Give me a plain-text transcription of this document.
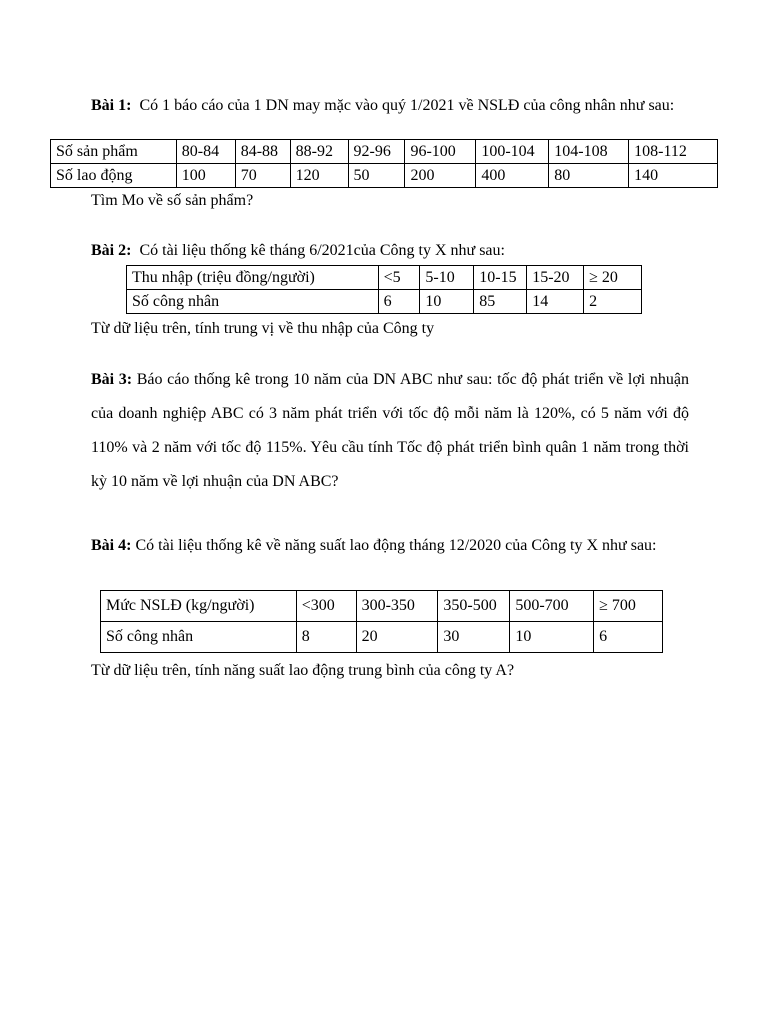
Bài 1: Có 1 báo cáo của 1 DN may mặc vào quý 1/2021 về NSLĐ của công nhân như sau:

Số sản phẩm	80-84	84-88	88-92	92-96	96-100	100-104	104-108	108-112
Số lao động	100	70	120	50	200	400	80	140

Tìm Mo về số sản phẩm?

Bài 2: Có tài liệu thống kê tháng 6/2021của Công ty X như sau:

Thu nhập (triệu đồng/người)	<5	5-10	10-15	15-20	≥ 20
Số công nhân	6	10	85	14	2

Từ dữ liệu trên, tính trung vị về thu nhập của Công ty

Bài 3: Báo cáo thống kê trong 10 năm của DN ABC như sau: tốc độ phát triển về lợi nhuận của doanh nghiệp ABC có 3 năm phát triển với tốc độ mỗi năm là 120%, có 5 năm với độ 110% và 2 năm với tốc độ 115%. Yêu cầu tính Tốc độ phát triển bình quân 1 năm trong thời kỳ 10 năm về lợi nhuận của DN ABC?

Bài 4: Có tài liệu thống kê về năng suất lao động tháng 12/2020 của Công ty X như sau:

Mức NSLĐ (kg/người)	<300	300-350	350-500	500-700	≥ 700
Số công nhân	8	20	30	10	6

Từ dữ liệu trên, tính năng suất lao động trung bình của công ty A?
